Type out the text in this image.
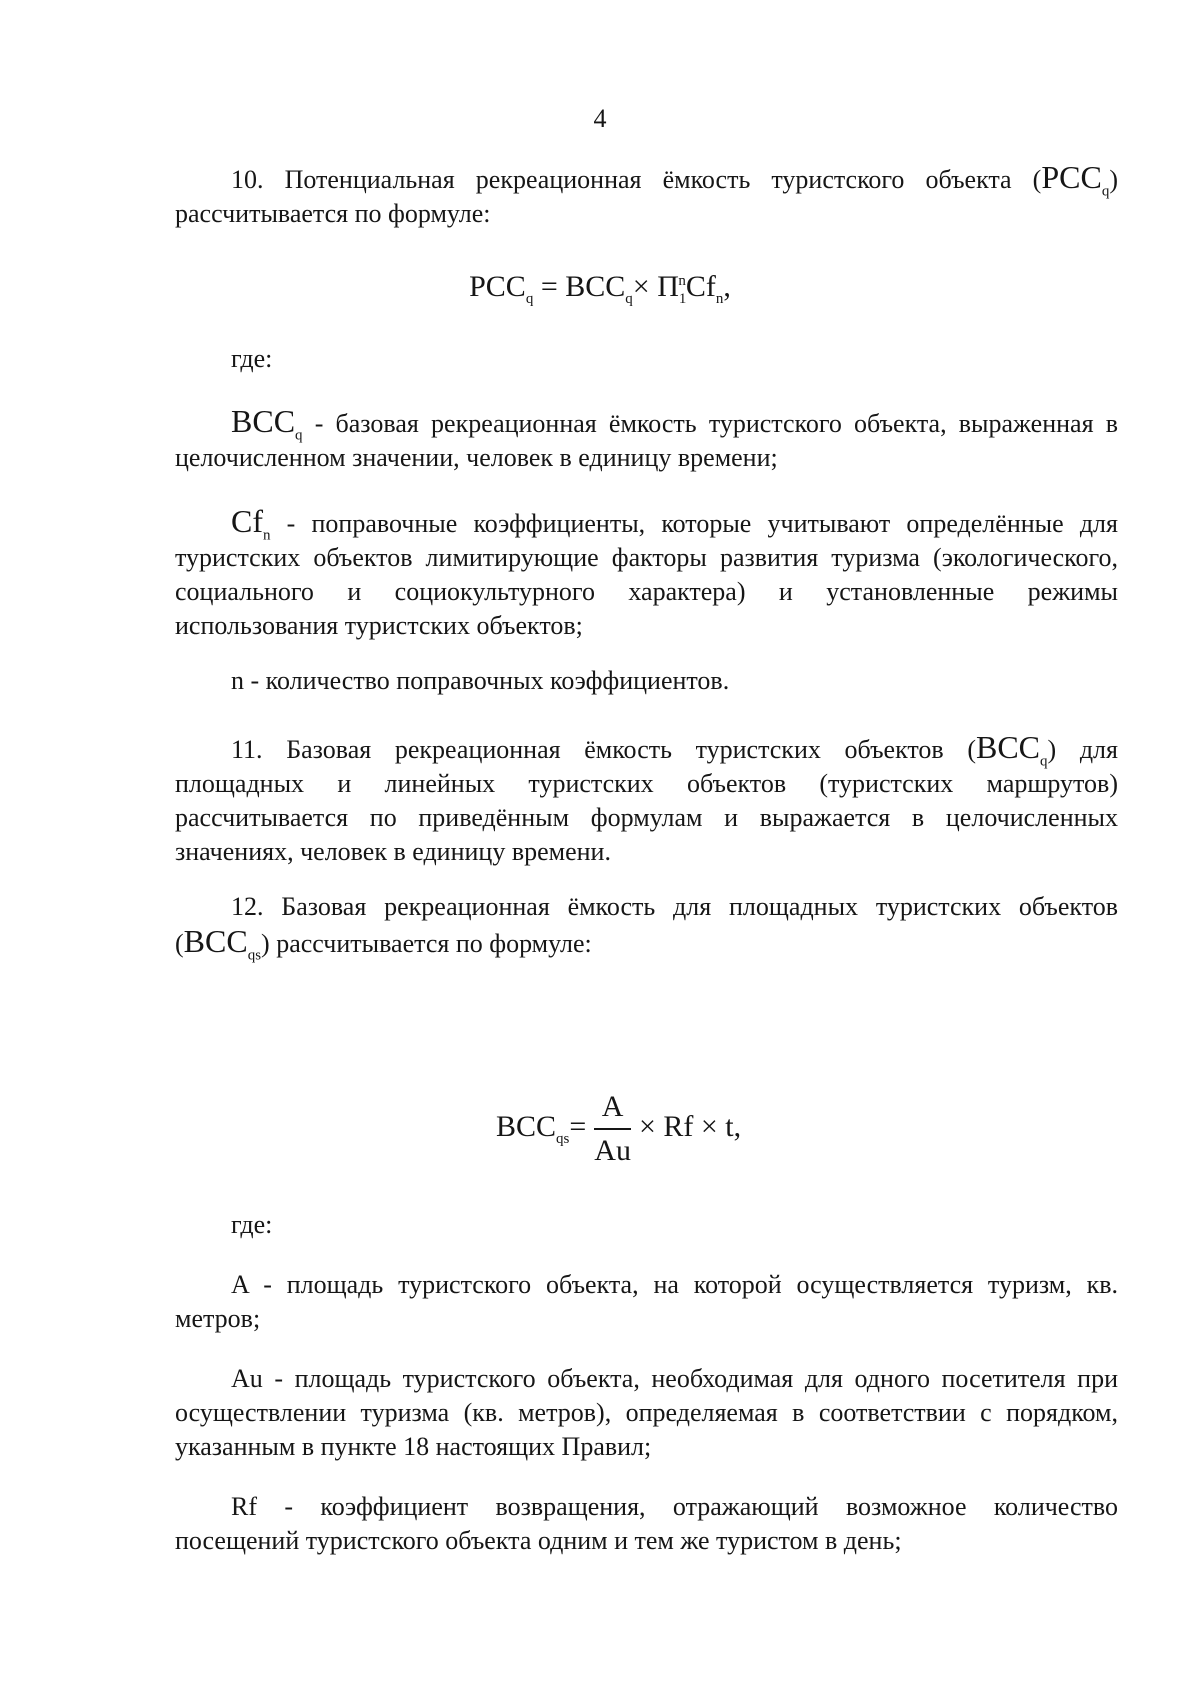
4
10. Потенциальная рекреационная ёмкость туристского объекта $(PCC_q)$ рассчитывается по формуле:
$PCC_q = BCC_q\times \Pi_1^nCf_n$,
где:
$BCC_q$ - базовая рекреационная ёмкость туристского объекта, выраженная в целочисленном значении, человек в единицу времени;
$Cf_n$ - поправочные коэффициенты, которые учитывают определённые для туристских объектов лимитирующие факторы развития туризма (экологического, социального и социокультурного характера) и установленные режимы использования туристских объектов;
n - количество поправочных коэффициентов.
11. Базовая рекреационная ёмкость туристских объектов $(BCC_q)$ для площадных и линейных туристских объектов (туристских маршрутов) рассчитывается по приведённым формулам и выражается в целочисленных значениях, человек в единицу времени.
12. Базовая рекреационная ёмкость для площадных туристских объектов $(BCC_{qs})$ рассчитывается по формуле:
$BCC_{qs}= \frac{A}{Au} \times Rf \times t$,
где:
A - площадь туристского объекта, на которой осуществляется туризм, кв. метров;
Au - площадь туристского объекта, необходимая для одного посетителя при осуществлении туризма (кв. метров), определяемая в соответствии с порядком, указанным в пункте 18 настоящих Правил;
Rf - коэффициент возвращения, отражающий возможное количество посещений туристского объекта одним и тем же туристом в день;
